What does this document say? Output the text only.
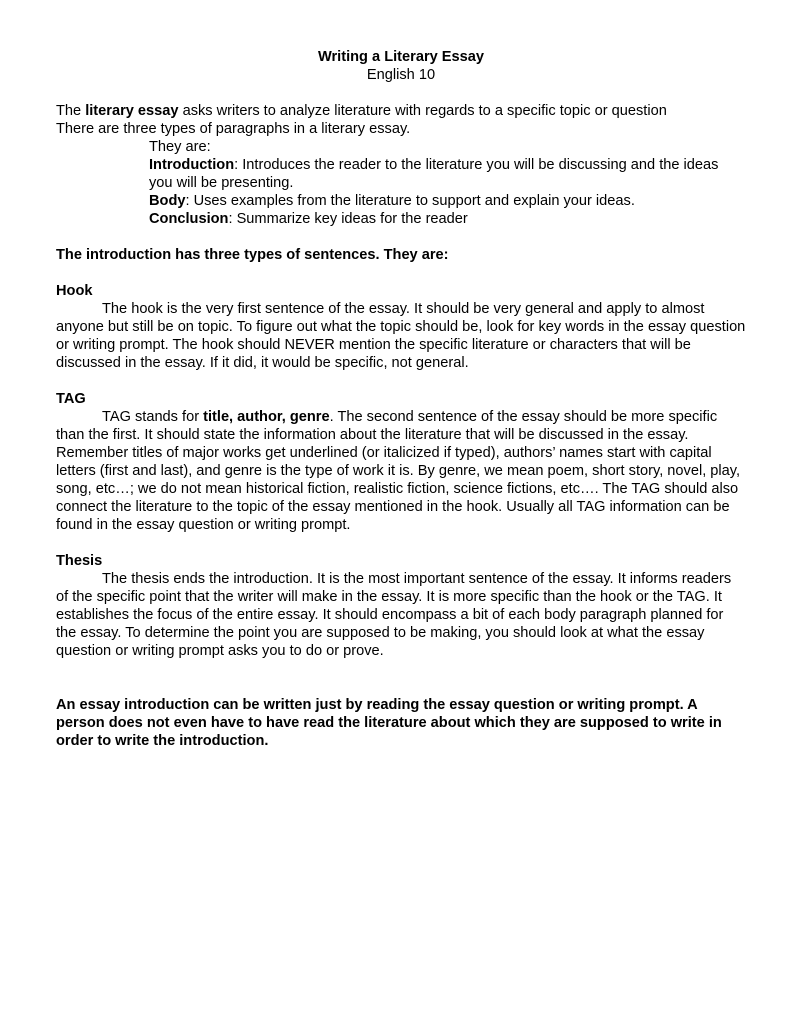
Writing a Literary Essay

English 10

The literary essay asks writers to analyze literature with regards to a specific topic or question

There are three types of paragraphs in a literary essay.

They are:

Introduction: Introduces the reader to the literature you will be discussing and the ideas you will be presenting.

Body: Uses examples from the literature to support and explain your ideas.

Conclusion: Summarize key ideas for the reader

The introduction has three types of sentences. They are:

Hook

The hook is the very first sentence of the essay. It should be very general and apply to almost anyone but still be on topic. To figure out what the topic should be, look for key words in the essay question or writing prompt. The hook should NEVER mention the specific literature or characters that will be discussed in the essay. If it did, it would be specific, not general.

TAG

TAG stands for title, author, genre. The second sentence of the essay should be more specific than the first. It should state the information about the literature that will be discussed in the essay. Remember titles of major works get underlined (or italicized if typed), authors’ names start with capital letters (first and last), and genre is the type of work it is. By genre, we mean poem, short story, novel, play, song, etc…; we do not mean historical fiction, realistic fiction, science fictions, etc…. The TAG should also connect the literature to the topic of the essay mentioned in the hook. Usually all TAG information can be found in the essay question or writing prompt.

Thesis

The thesis ends the introduction. It is the most important sentence of the essay. It informs readers of the specific point that the writer will make in the essay. It is more specific than the hook or the TAG. It establishes the focus of the entire essay. It should encompass a bit of each body paragraph planned for the essay. To determine the point you are supposed to be making, you should look at what the essay question or writing prompt asks you to do or prove.

An essay introduction can be written just by reading the essay question or writing prompt. A person does not even have to have read the literature about which they are supposed to write in order to write the introduction.
